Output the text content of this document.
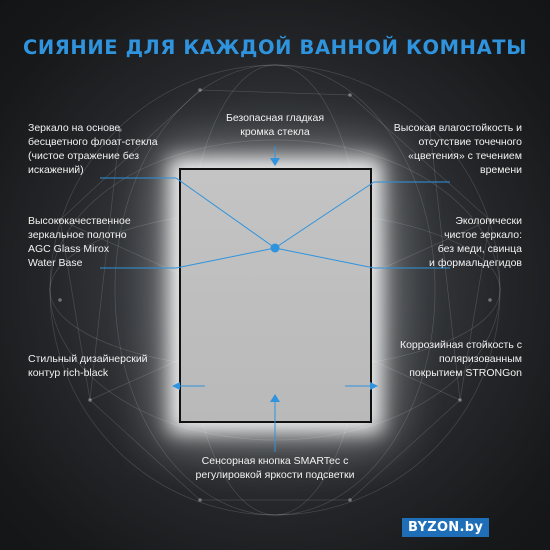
СИЯНИЕ ДЛЯ КАЖДОЙ ВАННОЙ КОМНАТЫ
Безопасная гладкая
кромка стекла
Зеркало на основе
бесцветного флоат-стекла
(чистое отражение без
искажений)
Высококачественное
зеркальное полотно
AGC Glass Mirox
Water Base
Стильный дизайнерский
контур rich-black
Высокая влагостойкость и
отсутствие точечного
«цветения» с течением
времени
Экологически
чистое зеркало:
без меди, свинца
и формальдегидов
Коррозийная стойкость с
поляризованным
покрытием STRONGon
Сенсорная кнопка SMARTec с
регулировкой яркости подсветки
BYZON.by
